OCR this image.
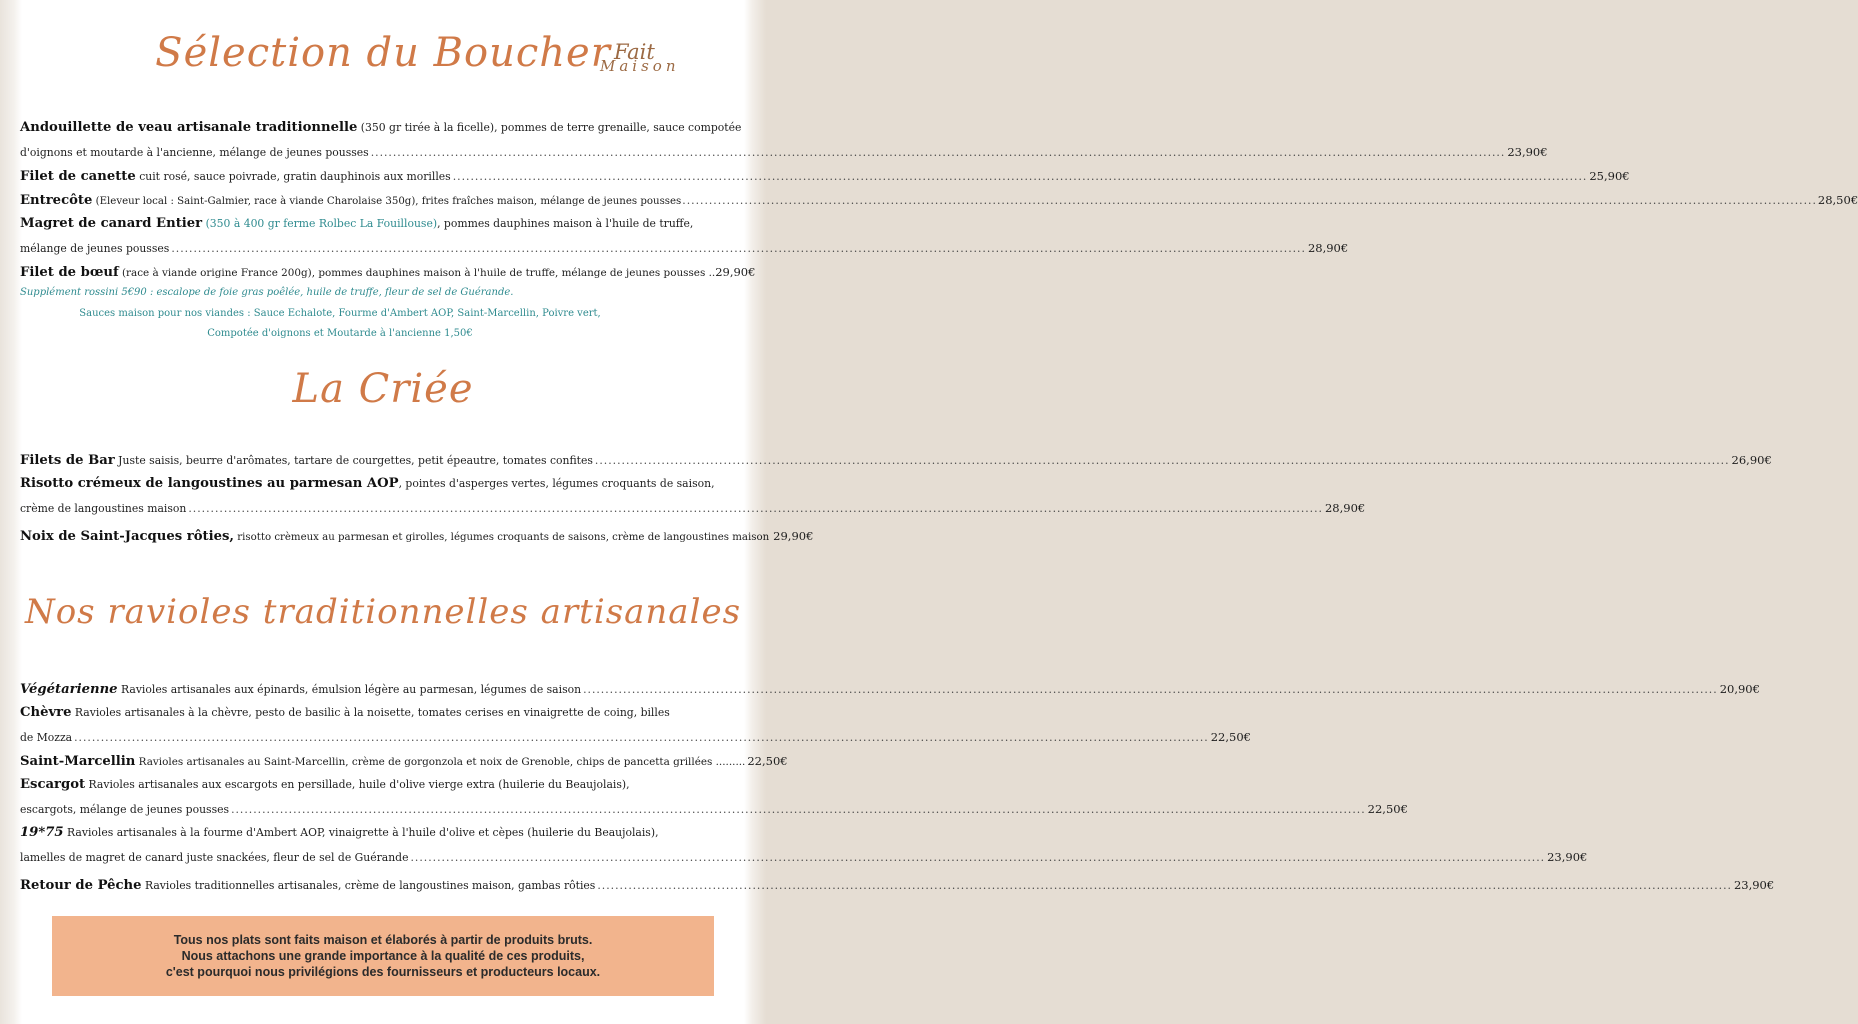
Sélection du Boucher Fait
Maison
Andouillette de veau artisanale traditionnelle (350 gr tirée à la ficelle), pommes de terre grenaille, sauce compotée
d'oignons et moutarde à l'ancienne, mélange de jeunes pousses .....	23,90€
Filet de canette cuit rosé, sauce poivrade, gratin dauphinois aux morilles .....	25,90€
Entrecôte (Eleveur local : Saint-Galmier, race à viande Charolaise 350g), frites fraîches maison, mélange de jeunes pousses .....	28,50€
Magret de canard Entier (350 à 400 gr ferme Rolbec La Fouillouse), pommes dauphines maison à l'huile de truffe,
mélange de jeunes pousses .....	28,90€
Filet de bœuf (race à viande origine France 200g), pommes dauphines maison à l'huile de truffe, mélange de jeunes pousses .. 29,90€
Supplément rossini 5€90 : escalope de foie gras poêlée, huile de truffe, fleur de sel de Guérande.
Sauces maison pour nos viandes : Sauce Echalote, Fourme d'Ambert AOP, Saint-Marcellin, Poivre vert,
Compotée d'oignons et Moutarde à l'ancienne 1,50€
La Criée
Filets de Bar Juste saisis, beurre d'arômates, tartare de courgettes, petit épeautre, tomates confites .....	26,90€
Risotto crémeux de langoustines au parmesan AOP, pointes d'asperges vertes, légumes croquants de saison,
crème de langoustines maison .....	28,90€
Noix de Saint-Jacques rôties, risotto crèmeux au parmesan et girolles, légumes croquants de saisons, crème de langoustines maison 29,90€
Nos ravioles traditionnelles artisanales
Végétarienne Ravioles artisanales aux épinards, émulsion légère au parmesan, légumes de saison .....	20,90€
Chèvre Ravioles artisanales à la chèvre, pesto de basilic à la noisette, tomates cerises en vinaigrette de coing, billes
de Mozza .....	22,50€
Saint-Marcellin Ravioles artisanales au Saint-Marcellin, crème de gorgonzola et noix de Grenoble, chips de pancetta grillées ......... 22,50€
Escargot Ravioles artisanales aux escargots en persillade, huile d'olive vierge extra (huilerie du Beaujolais),
escargots, mélange de jeunes pousses .....	22,50€
19*75 Ravioles artisanales à la fourme d'Ambert AOP, vinaigrette à l'huile d'olive et cèpes (huilerie du Beaujolais),
lamelles de magret de canard juste snackées, fleur de sel de Guérande .....	23,90€
Retour de Pêche Ravioles traditionnelles artisanales, crème de langoustines maison, gambas rôties .....	23,90€
Tous nos plats sont faits maison et élaborés à partir de produits bruts.
Nous attachons une grande importance à la qualité de ces produits,
c'est pourquoi nous privilégions des fournisseurs et producteurs locaux.
